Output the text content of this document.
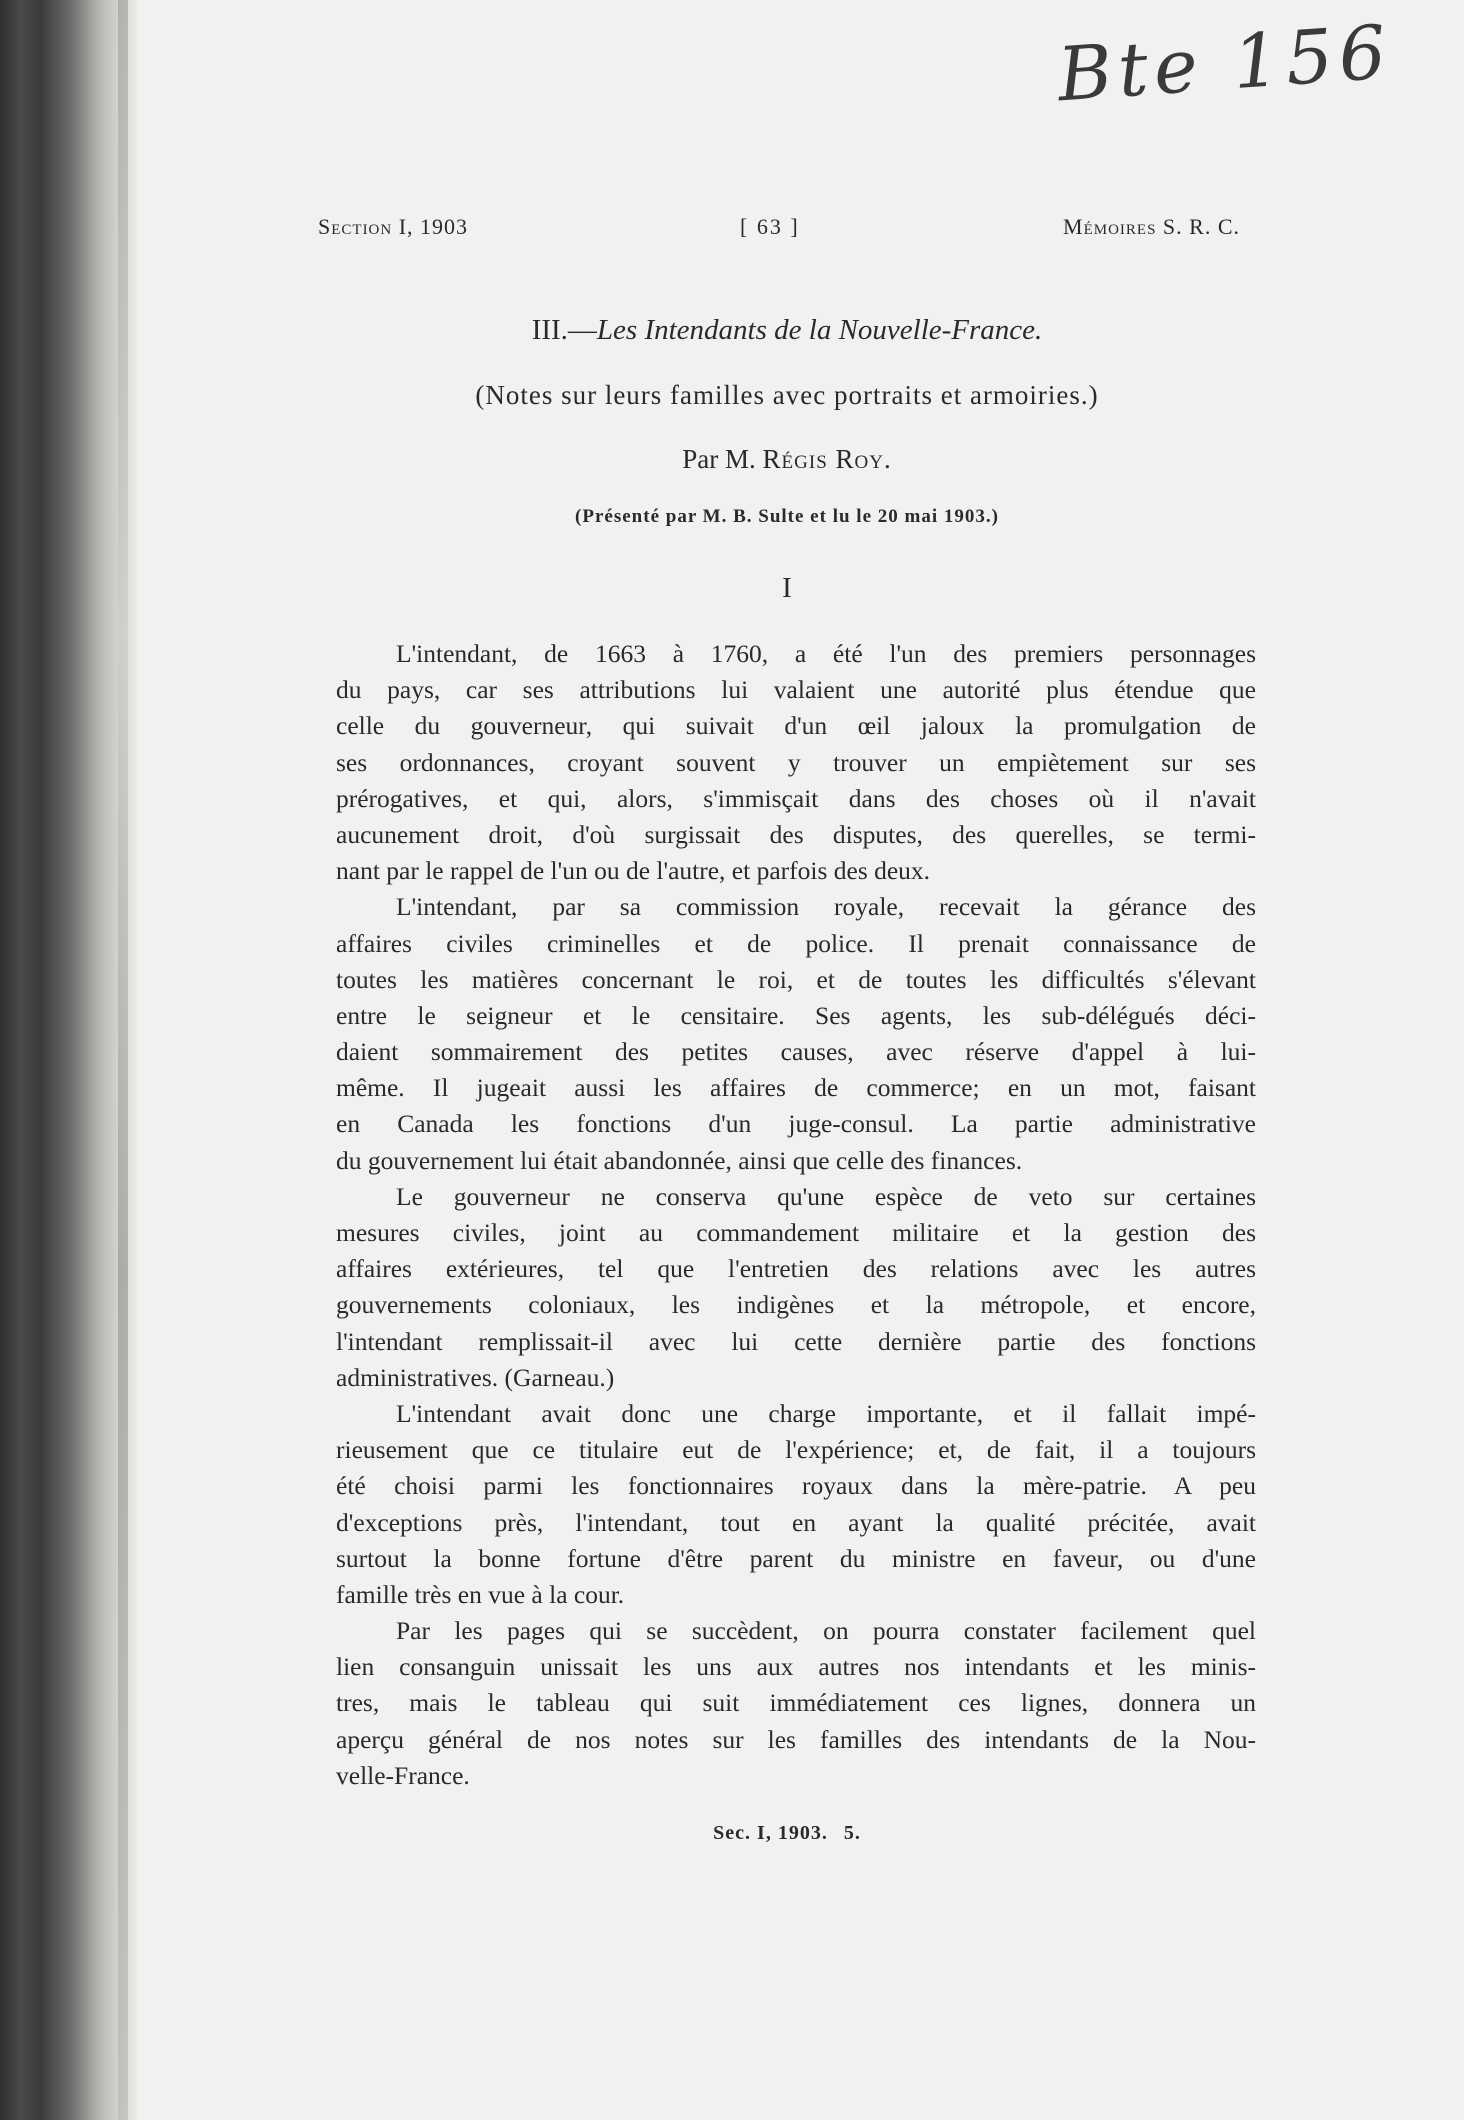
Bte 156
Section I, 1903	[ 63 ]	Mémoires S. R. C.
III.—Les Intendants de la Nouvelle-France.
(Notes sur leurs familles avec portraits et armoiries.)
Par M. Régis Roy.
(Présenté par M. B. Sulte et lu le 20 mai 1903.)
I
L'intendant, de 1663 à 1760, a été l'un des premiers personnages
du pays, car ses attributions lui valaient une autorité plus étendue que
celle du gouverneur, qui suivait d'un œil jaloux la promulgation de
ses ordonnances, croyant souvent y trouver un empiètement sur ses
prérogatives, et qui, alors, s'immisçait dans des choses où il n'avait
aucunement droit, d'où surgissait des disputes, des querelles, se termi-
nant par le rappel de l'un ou de l'autre, et parfois des deux.
L'intendant, par sa commission royale, recevait la gérance des
affaires civiles criminelles et de police. Il prenait connaissance de
toutes les matières concernant le roi, et de toutes les difficultés s'élevant
entre le seigneur et le censitaire. Ses agents, les sub-délégués déci-
daient sommairement des petites causes, avec réserve d'appel à lui-
même. Il jugeait aussi les affaires de commerce; en un mot, faisant
en Canada les fonctions d'un juge-consul. La partie administrative
du gouvernement lui était abandonnée, ainsi que celle des finances.
Le gouverneur ne conserva qu'une espèce de veto sur certaines
mesures civiles, joint au commandement militaire et la gestion des
affaires extérieures, tel que l'entretien des relations avec les autres
gouvernements coloniaux, les indigènes et la métropole, et encore,
l'intendant remplissait-il avec lui cette dernière partie des fonctions
administratives. (Garneau.)
L'intendant avait donc une charge importante, et il fallait impé-
rieusement que ce titulaire eut de l'expérience; et, de fait, il a toujours
été choisi parmi les fonctionnaires royaux dans la mère-patrie. A peu
d'exceptions près, l'intendant, tout en ayant la qualité précitée, avait
surtout la bonne fortune d'être parent du ministre en faveur, ou d'une
famille très en vue à la cour.
Par les pages qui se succèdent, on pourra constater facilement quel
lien consanguin unissait les uns aux autres nos intendants et les minis-
tres, mais le tableau qui suit immédiatement ces lignes, donnera un
aperçu général de nos notes sur les familles des intendants de la Nou-
velle-France.
Sec. I, 1903. 5.
